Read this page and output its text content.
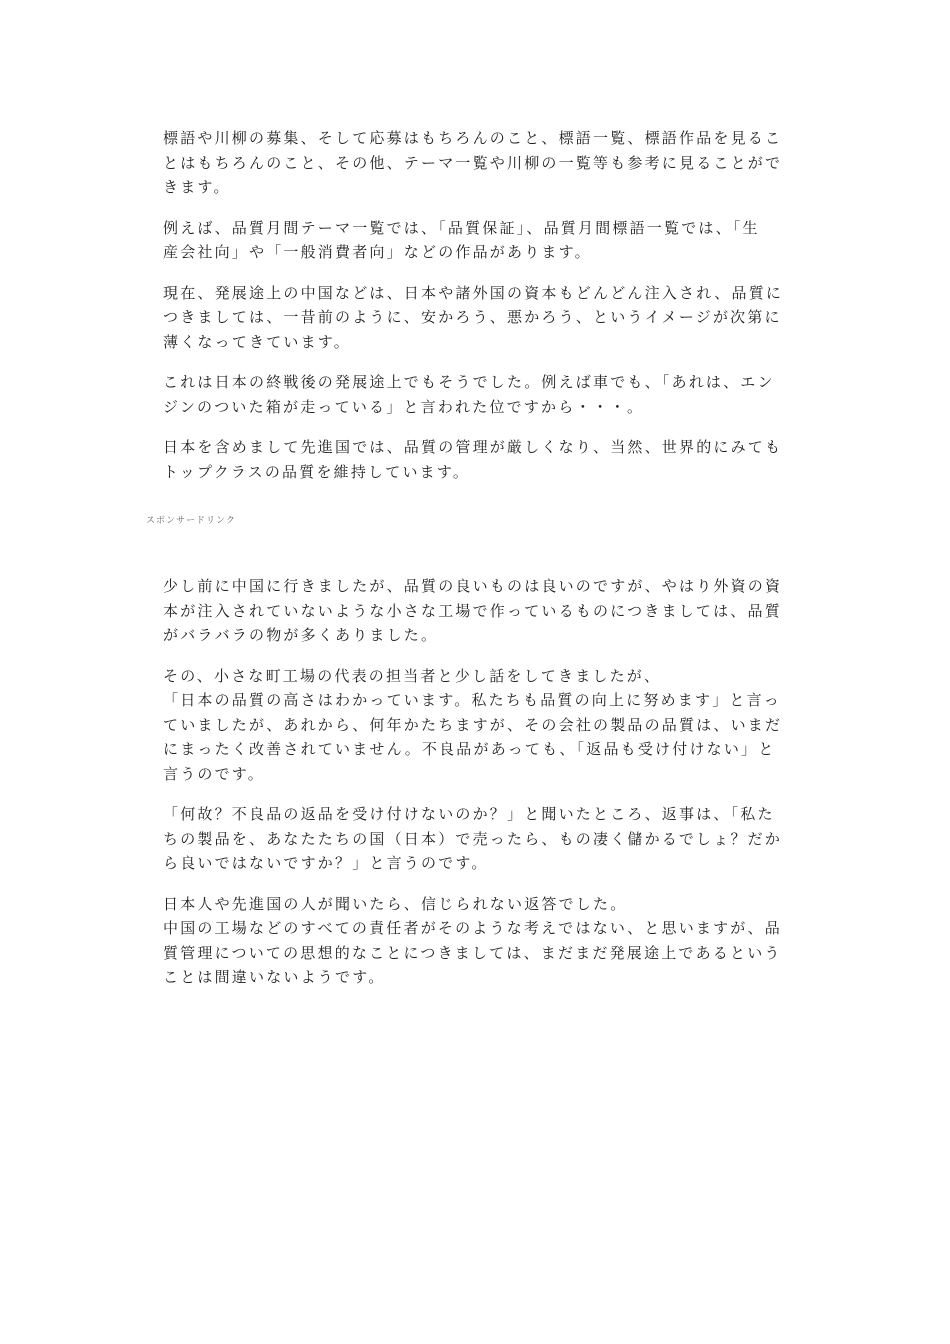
標語や川柳の募集、そして応募はもちろんのこと、標語一覧、標語作品を見るこ
とはもちろんのこと、その他、テーマ一覧や川柳の一覧等も参考に見ることがで
きます。

例えば、品質月間テーマ一覧では、「品質保証」、品質月間標語一覧では、「生
産会社向」や「一般消費者向」などの作品があります。

現在、発展途上の中国などは、日本や諸外国の資本もどんどん注入され、品質に
つきましては、一昔前のように、安かろう、悪かろう、というイメージが次第に
薄くなってきています。

これは日本の終戦後の発展途上でもそうでした。例えば車でも、「あれは、エン
ジンのついた箱が走っている」と言われた位ですから・・・。

日本を含めまして先進国では、品質の管理が厳しくなり、当然、世界的にみても
トップクラスの品質を維持しています。

スポンサードリンク

少し前に中国に行きましたが、品質の良いものは良いのですが、やはり外資の資
本が注入されていないような小さな工場で作っているものにつきましては、品質
がバラバラの物が多くありました。

その、小さな町工場の代表の担当者と少し話をしてきましたが、
「日本の品質の高さはわかっています。私たちも品質の向上に努めます」と言っ
ていましたが、あれから、何年かたちますが、その会社の製品の品質は、いまだ
にまったく改善されていません。不良品があっても、「返品も受け付けない」と
言うのです。

「何故？不良品の返品を受け付けないのか？」と聞いたところ、返事は、「私た
ちの製品を、あなたたちの国（日本）で売ったら、もの凄く儲かるでしょ？だか
ら良いではないですか？」と言うのです。

日本人や先進国の人が聞いたら、信じられない返答でした。
中国の工場などのすべての責任者がそのような考えではない、と思いますが、品
質管理についての思想的なことにつきましては、まだまだ発展途上であるという
ことは間違いないようです。
